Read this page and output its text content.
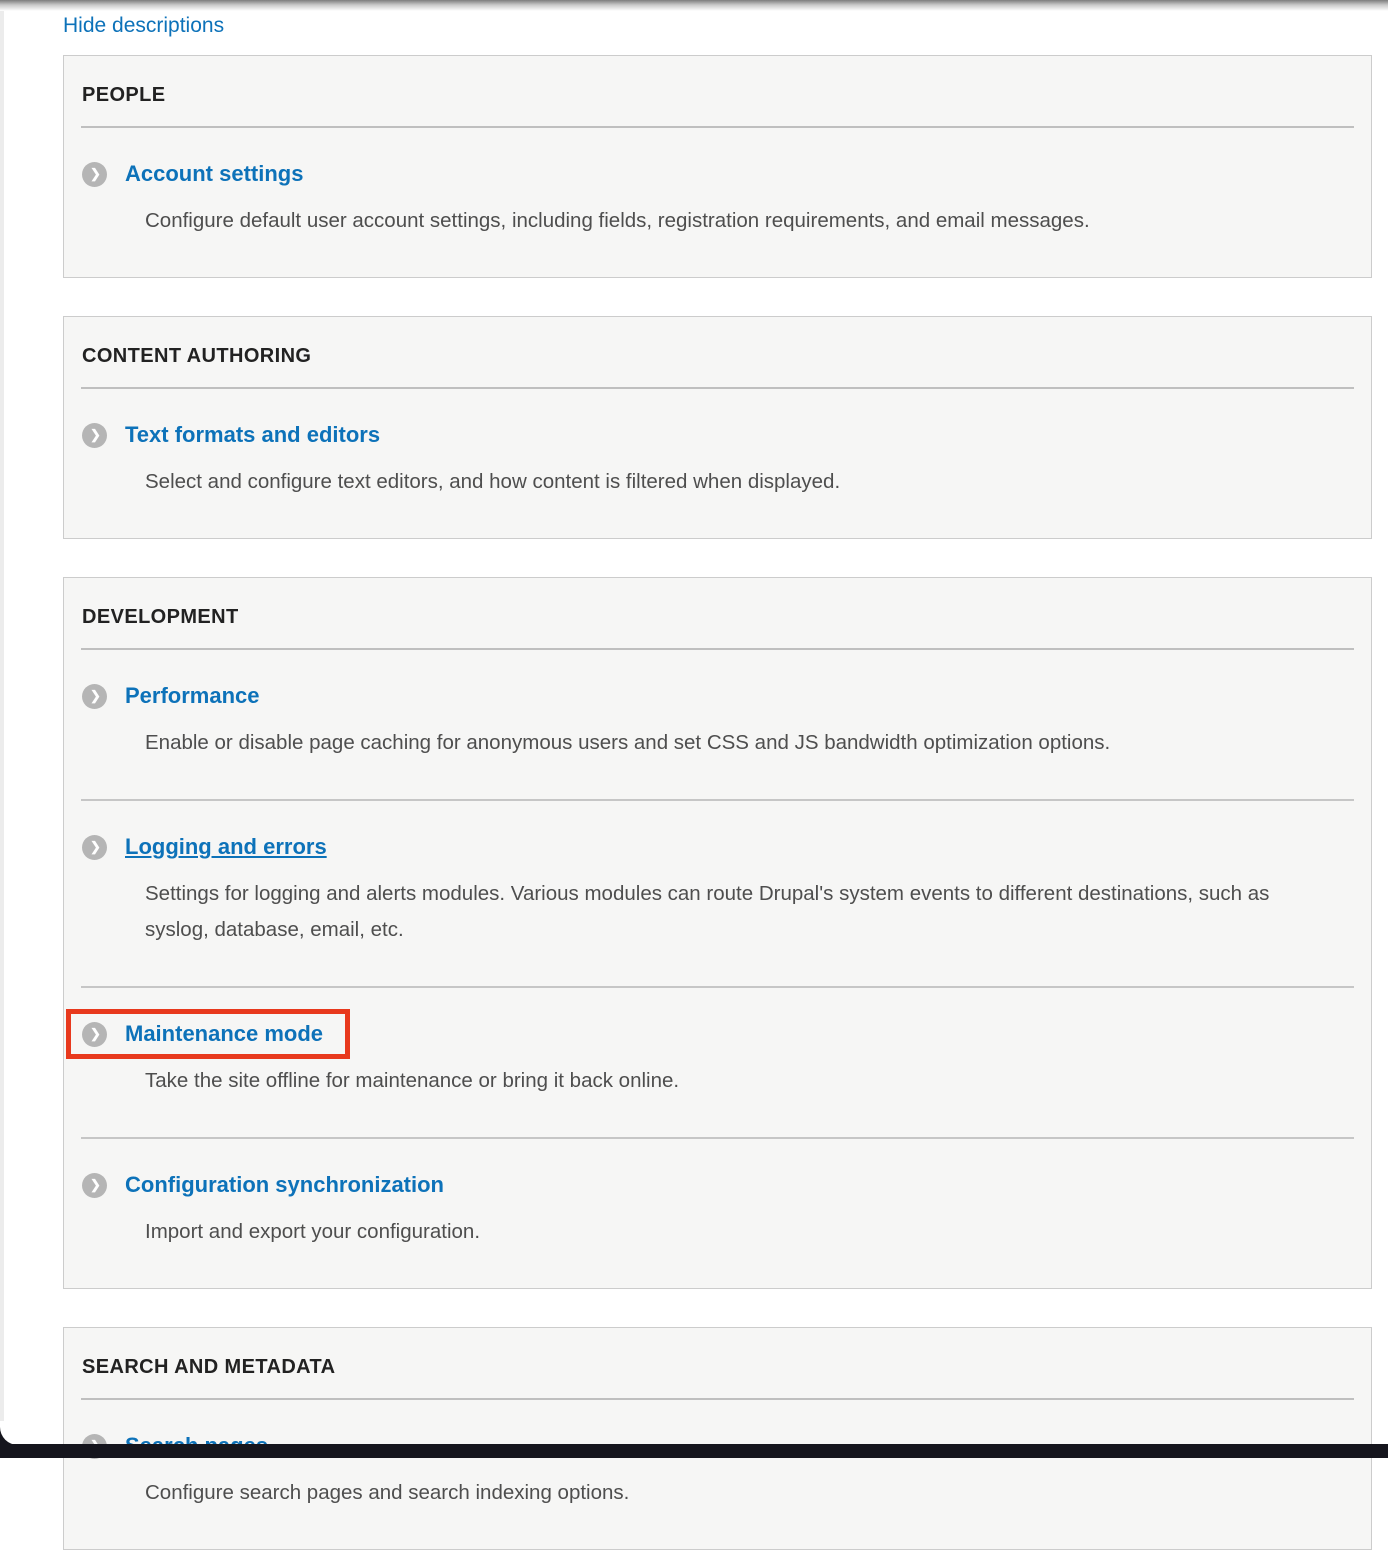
Hide descriptions
PEOPLE
❯ Account settings
Configure default user account settings, including fields, registration requirements, and email messages.
CONTENT AUTHORING
❯ Text formats and editors
Select and configure text editors, and how content is filtered when displayed.
DEVELOPMENT
❯ Performance
Enable or disable page caching for anonymous users and set CSS and JS bandwidth optimization options.
❯ Logging and errors
Settings for logging and alerts modules. Various modules can route Drupal's system events to different destinations, such as syslog, database, email, etc.
❯ Maintenance mode
Take the site offline for maintenance or bring it back online.
❯ Configuration synchronization
Import and export your configuration.
SEARCH AND METADATA
Configure search pages and search indexing options.
